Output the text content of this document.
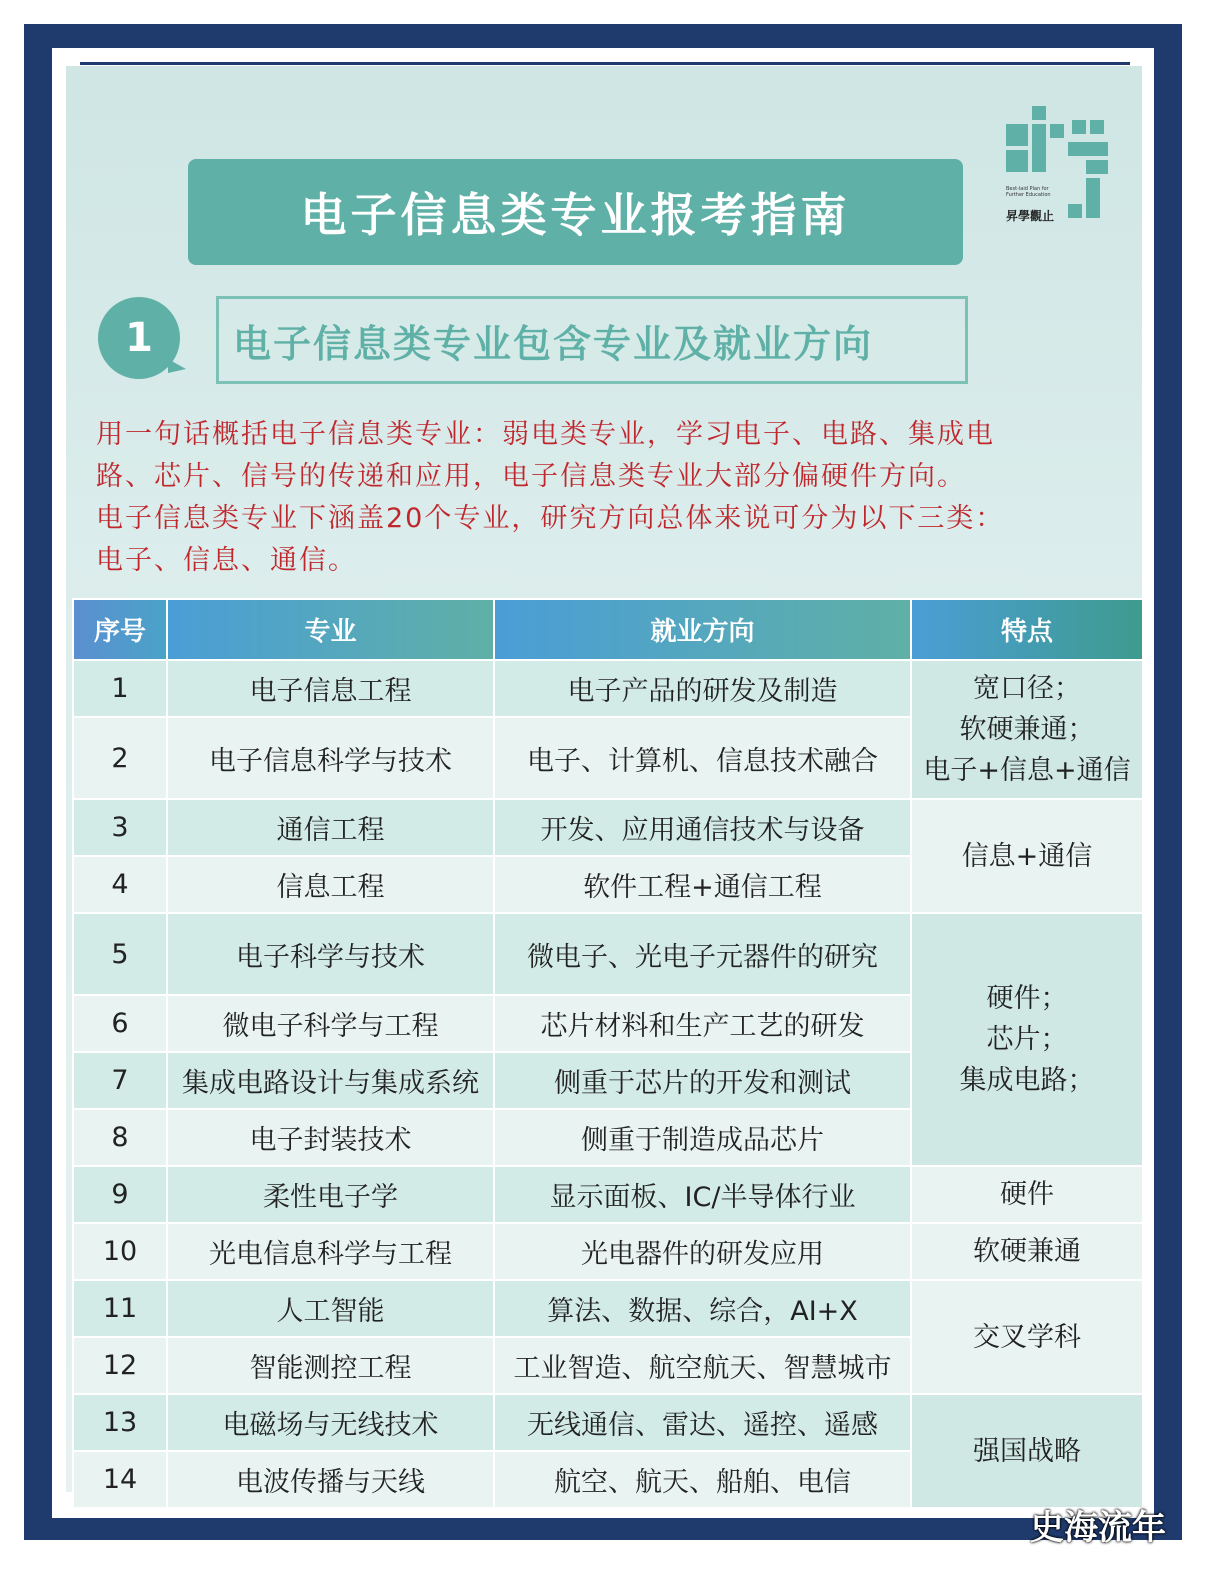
电子信息类专业报考指南	Best-laid Plan for Further Education
昇學觀止
1	电子信息类专业包含专业及就业方向

用一句话概括电子信息类专业：弱电类专业，学习电子、电路、集成电

路、芯片、信号的传递和应用，电子信息类专业大部分偏硬件方向。

电子信息类专业下涵盖20个专业，研究方向总体来说可分为以下三类：

电子、信息、通信。

序号	专业	就业方向	特点
1	电子信息工程	电子产品的研发及制造	宽口径；
软硬兼通；
电子+信息+通信

2	电子信息科学与技术	电子、计算机、信息技术融合	
3	通信工程	开发、应用通信技术与设备	信息+通信
4	信息工程	软件工程+通信工程	
5	电子科学与技术	微电子、光电子元器件的研究	硬件；
芯片；
集成电路；

6	微电子科学与工程	芯片材料和生产工艺的研发	
7	集成电路设计与集成系统	侧重于芯片的开发和测试	
8	电子封装技术	侧重于制造成品芯片	
9	柔性电子学	显示面板、IC/半导体行业	硬件
10	光电信息科学与工程	光电器件的研发应用	软硬兼通
11	人工智能	算法、数据、综合，AI+X	交叉学科
12	智能测控工程	工业智造、航空航天、智慧城市	
13	电磁场与无线技术	无线通信、雷达、遥控、遥感	强国战略
14	电波传播与天线	航空、航天、船舶、电信	
史海流年
